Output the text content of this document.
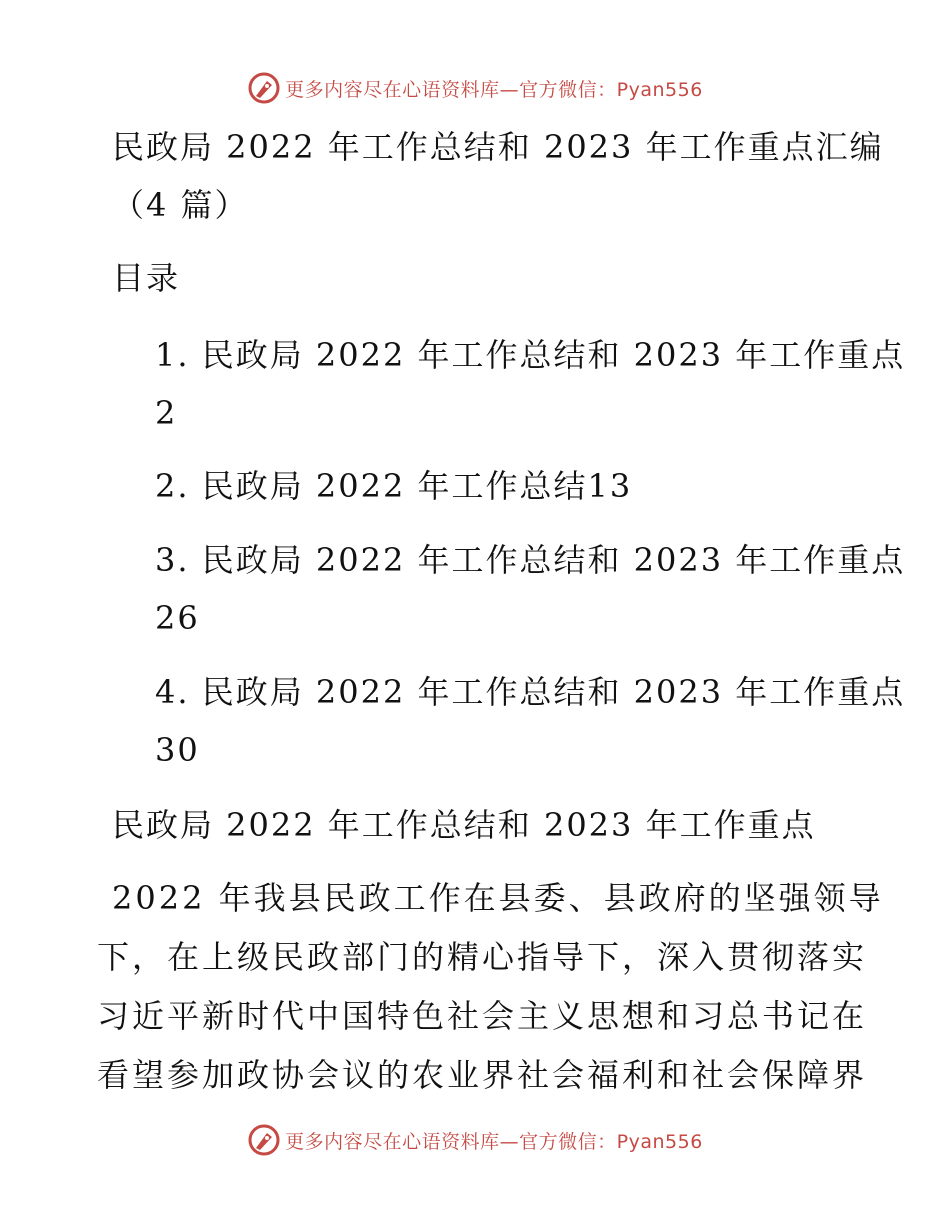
更多内容尽在心语资料库—官方微信：Pyan556
民政局 2022 年工作总结和 2023 年工作重点汇编
（4 篇）
目录
1. 民政局 2022 年工作总结和 2023 年工作重点
2
2. 民政局 2022 年工作总结13
3. 民政局 2022 年工作总结和 2023 年工作重点
26
4. 民政局 2022 年工作总结和 2023 年工作重点
30
民政局 2022 年工作总结和 2023 年工作重点
2022 年我县民政工作在县委、县政府的坚强领导
下，在上级民政部门的精心指导下，深入贯彻落实
习近平新时代中国特色社会主义思想和习总书记在
看望参加政协会议的农业界社会福利和社会保障界
更多内容尽在心语资料库—官方微信：Pyan556
